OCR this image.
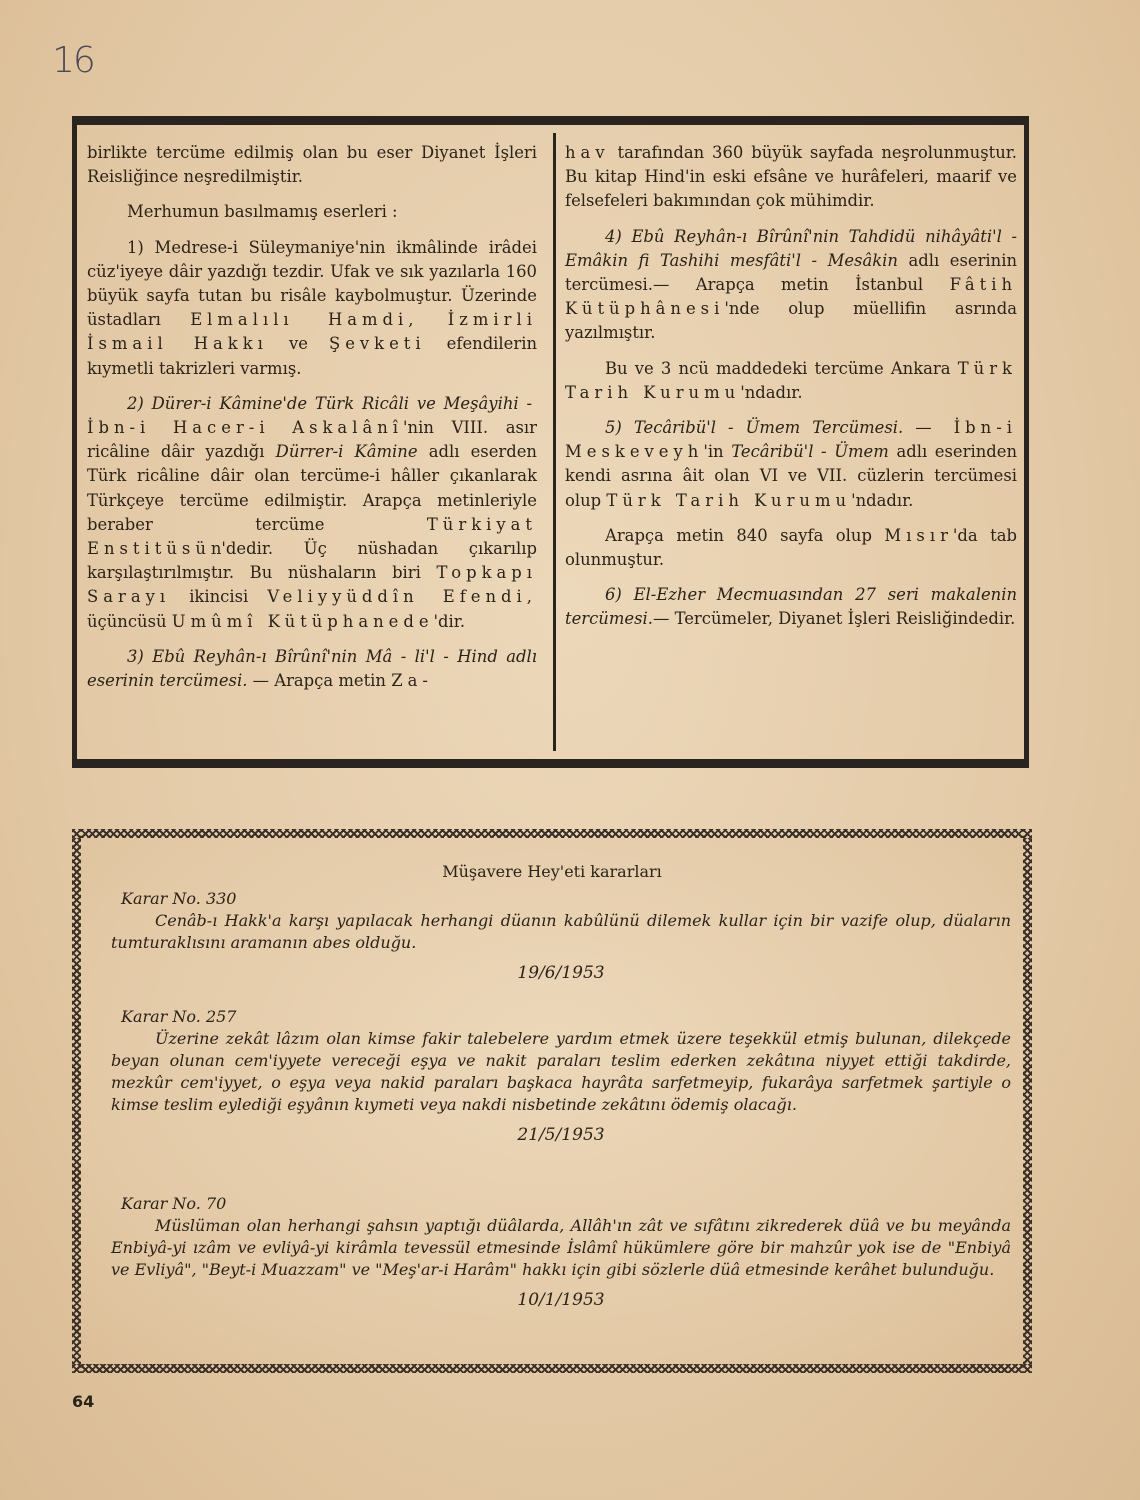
16

birlikte tercüme edilmiş olan bu eser Diyanet İşleri Reisliğince neşredilmiştir.

Merhumun basılmamış eserleri :

1) Medrese-i Süleymaniye'nin ikmâlinde irâdei cüz'iyeye dâir yazdığı tezdir. Ufak ve sık yazılarla 160 büyük sayfa tutan bu risâle kaybolmuştur. Üzerinde üstadları Elmalılı Hamdi, İzmirli İsmail Hakkı ve Şevketi efendilerin kıymetli takrizleri varmış.

2) Dürer-i Kâmine'de Türk Ricâli ve Meşâyihi - İbn-i Hacer-i Askalânî'nin VIII. asır ricâline dâir yazdığı Dürrer-i Kâmine adlı eserden Türk ricâline dâir olan tercüme-i hâller çıkanlarak Türkçeye tercüme edilmiştir. Arapça metinleriyle beraber tercüme	Türkiyat Enstitüsün'dedir. Üç nüshadan çıkarılıp karşılaştırılmıştır. Bu nüshaların biri Topkapı Sarayı ikincisi Veliyyüddîn Efendi, üçüncüsü Umûmî Kütüphanede'dir.

3) Ebû Reyhân-ı Bîrûnî'nin Mâ - li'l - Hind adlı eserinin tercümesi. — Arapça metin Za-

hav tarafından 360 büyük sayfada neşrolunmuştur. Bu kitap Hind'in eski efsâne ve hurâfeleri, maarif ve felsefeleri bakımından çok mühimdir.

4) Ebû Reyhân-ı Bîrûnî'nin Tahdidü nihâyâti'l - Emâkin fi Tashihi mesfâti'l - Mesâkin adlı eserinin tercümesi.— Arapça metin İstanbul Fâtih Kütüphânesi'nde olup müellifin asrında yazılmıştır.

Bu ve 3 ncü maddedeki tercüme Ankara Türk Tarih Kurumu'ndadır.

5) Tecâribü'l - Ümem Tercümesi. — İbn-i Meskeveyh'in Tecâribü'l - Ümem adlı eserinden kendi asrına âit olan VI ve VII. cüzlerin tercümesi olup Türk Tarih Kurumu'ndadır.

Arapça metin 840 sayfa olup Mısır'da tab olunmuştur.

6) El-Ezher Mecmuasından 27 seri makalenin tercümesi.— Tercümeler, Diyanet İşleri Reisliğindedir.

Müşavere Hey'eti kararları
Karar No. 330
Cenâb-ı Hakk'a karşı yapılacak herhangi düanın kabûlünü dilemek kullar için bir vazife olup, düaların tumturaklısını aramanın abes olduğu.
19/6/1953
Karar No. 257
Üzerine zekât lâzım olan kimse fakir talebelere yardım etmek üzere teşekkül etmiş bulunan, dilekçede beyan olunan cem'iyyete vereceği eşya ve nakit paraları teslim ederken zekâtına niyyet ettiği takdirde, mezkûr cem'iyyet, o eşya veya nakid paraları başkaca hayrâta sarfetmeyip, fukarâya sarfetmek şartiyle o kimse teslim eylediği eşyânın kıymeti veya nakdi nisbetinde zekâtını ödemiş olacağı.
21/5/1953
Karar No. 70
Müslüman olan herhangi şahsın yaptığı düâlarda, Allâh'ın zât ve sıfâtını zikrederek düâ ve bu meyânda Enbiyâ-yi ızâm ve evliyâ-yi kirâmla tevessül etmesinde İslâmî hükümlere göre bir mahzûr yok ise de "Enbiyâ ve Evliyâ", "Beyt-i Muazzam" ve "Meş'ar-i Harâm" hakkı için gibi sözlerle düâ etmesinde kerâhet bulunduğu.
10/1/1953
64
